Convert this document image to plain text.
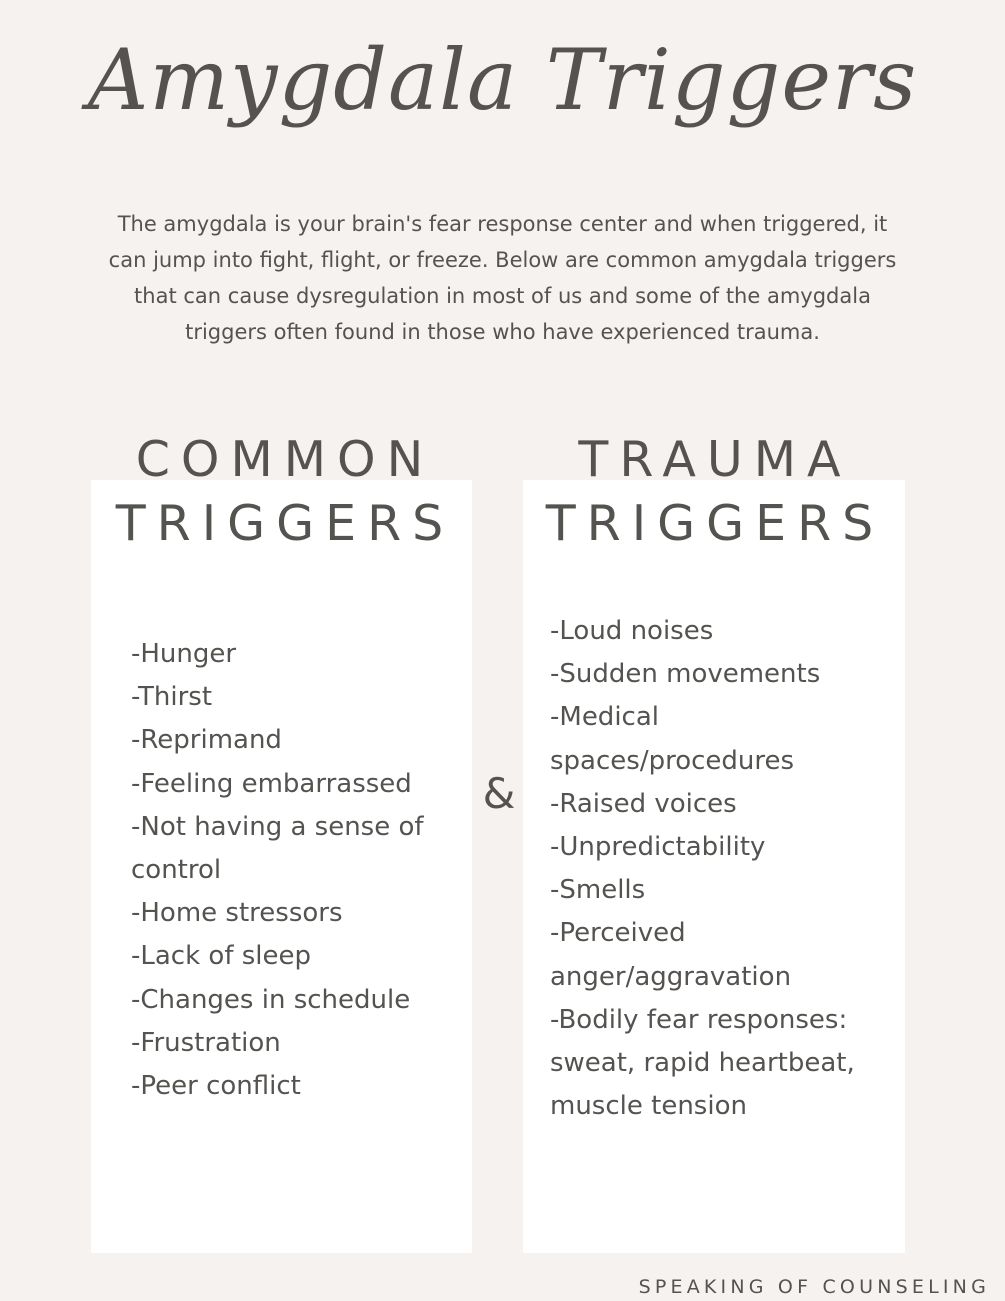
Amygdala Triggers
The amygdala is your brain's fear response center and when triggered, it can jump into fight, flight, or freeze. Below are common amygdala triggers that can cause dysregulation in most of us and some of the amygdala triggers often found in those who have experienced trauma.
COMMON
TRIGGERS
TRAUMA
TRIGGERS
-Hunger
-Thirst
-Reprimand
-Feeling embarrassed
-Not having a sense of control
-Home stressors
-Lack of sleep
-Changes in schedule
-Frustration
-Peer conflict
&
-Loud noises
-Sudden movements
-Medical spaces/procedures
-Raised voices
-Unpredictability
-Smells
-Perceived anger/aggravation
-Bodily fear responses: sweat, rapid heartbeat, muscle tension
SPEAKING OF COUNSELING
